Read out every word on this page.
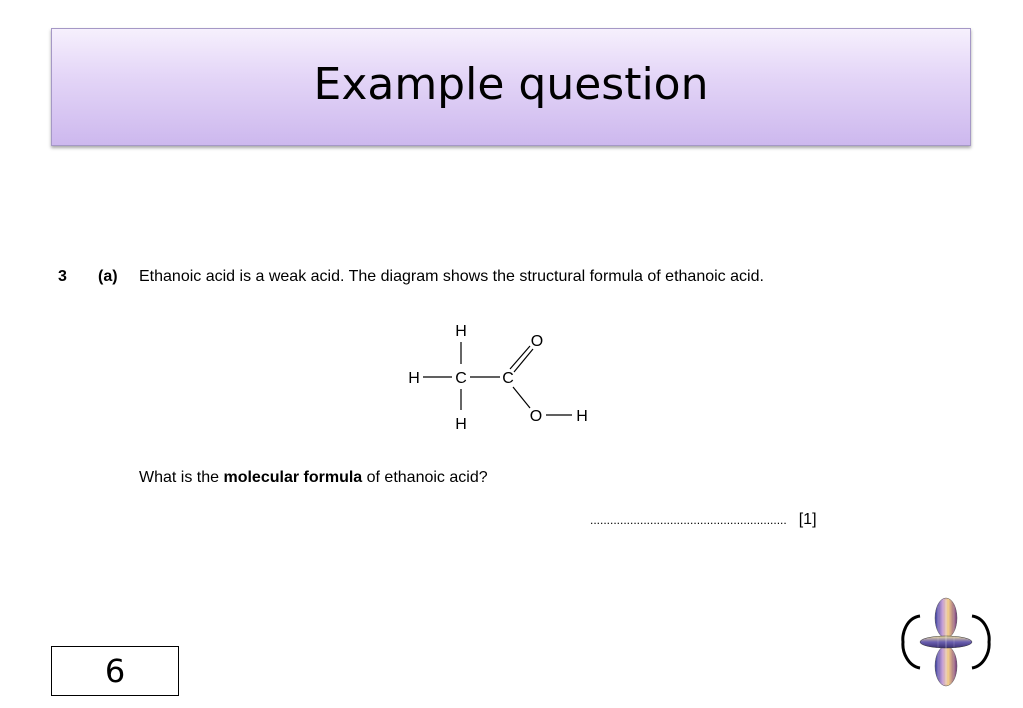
Example question
3 (a) Ethanoic acid is a weak acid. The diagram shows the structural formula of ethanoic acid.
H
H C C
H
O
O H
What is the molecular formula of ethanoic acid?
........................................................... [1]
6
